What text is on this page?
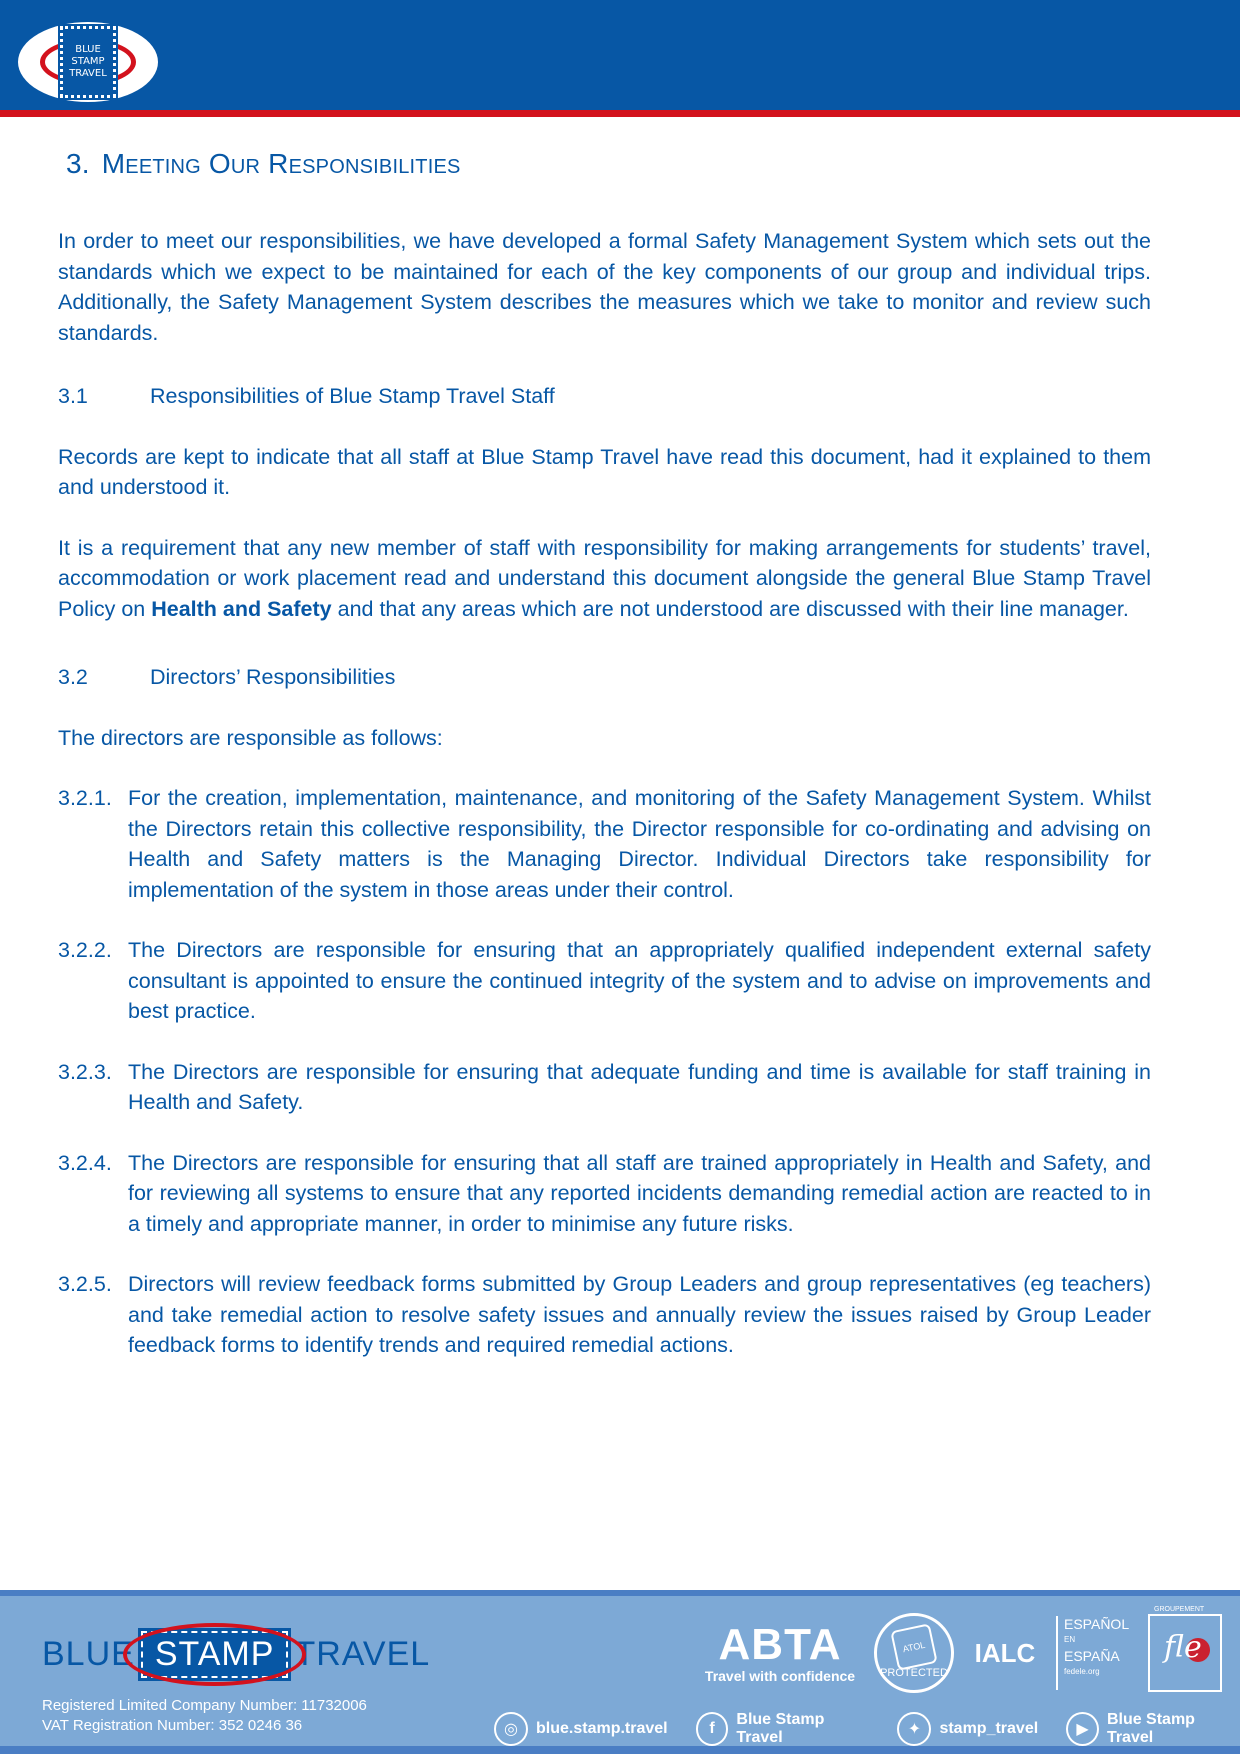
BLUE
STAMP
TRAVEL
3. Meeting Our Responsibilities

In order to meet our responsibilities, we have developed a formal Safety Management System which sets out the standards which we expect to be maintained for each of the key components of our group and individual trips. Additionally, the Safety Management System describes the measures which we take to monitor and review such standards.

3.1	Responsibilities of Blue Stamp Travel Staff

Records are kept to indicate that all staff at Blue Stamp Travel have read this document, had it explained to them and understood it.

It is a requirement that any new member of staff with responsibility for making arrangements for students’ travel, accommodation or work placement read and understand this document alongside the general Blue Stamp Travel Policy on Health and Safety and that any areas which are not understood are discussed with their line manager.

3.2	Directors’ Responsibilities

The directors are responsible as follows:

3.2.1. For the creation, implementation, maintenance, and monitoring of the Safety Management System. Whilst the Directors retain this collective responsibility, the Director responsible for co-ordinating and advising on Health and Safety matters is the Managing Director. Individual Directors take responsibility for implementation of the system in those areas under their control.
3.2.2. The Directors are responsible for ensuring that an appropriately qualified independent external safety consultant is appointed to ensure the continued integrity of the system and to advise on improvements and best practice.
3.2.3. The Directors are responsible for ensuring that adequate funding and time is available for staff training in Health and Safety.
3.2.4. The Directors are responsible for ensuring that all staff are trained appropriately in Health and Safety, and for reviewing all systems to ensure that any reported incidents demanding remedial action are reacted to in a timely and appropriate manner, in order to minimise any future risks.
3.2.5. Directors will review feedback forms submitted by Group Leaders and group representatives (eg teachers) and take remedial action to resolve safety issues and annually review the issues raised by Group Leader feedback forms to identify trends and required remedial actions.
BLUE STAMP TRAVEL
Registered Limited Company Number: 11732006
VAT Registration Number: 352 0246 36
ABTA
Travel with confidence
ATOL
PROTECTED
IALC
ESPAÑOL
EN
ESPAÑA
fedele.org
GROUPEMENT
fle
◎	blue.stamp.travel	f
Blue Stamp Travel	✦	stamp_travel	▶
Blue Stamp Travel
